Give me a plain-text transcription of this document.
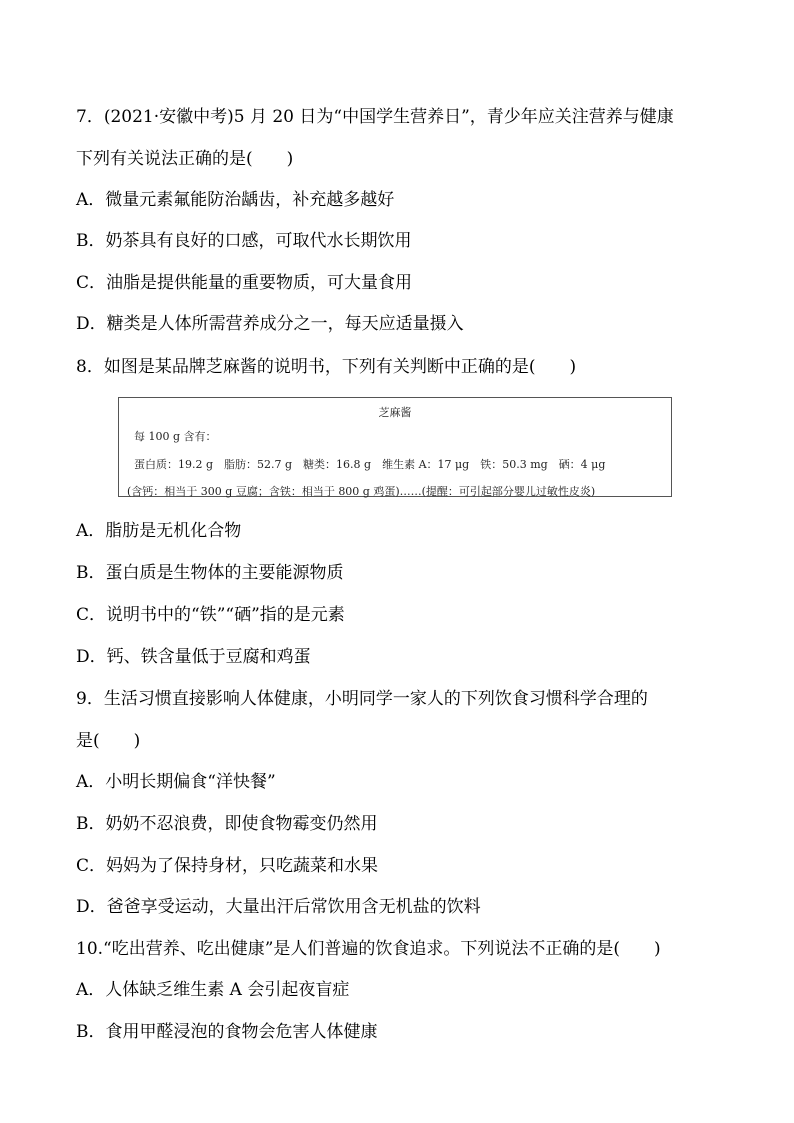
7．(2021·安徽中考)5 月 20 日为“中国学生营养日”，青少年应关注营养与健康
下列有关说法正确的是(　　)
A．微量元素氟能防治龋齿，补充越多越好
B．奶茶具有良好的口感，可取代水长期饮用
C．油脂是提供能量的重要物质，可大量食用
D．糖类是人体所需营养成分之一，每天应适量摄入
8．如图是某品牌芝麻酱的说明书，下列有关判断中正确的是(　　)
芝麻酱
每 100 g 含有：
蛋白质：19.2 g　脂肪：52.7 g　糖类：16.8 g　维生素 A：17 μg　铁：50.3 mg　硒：4 μg
(含钙：相当于 300 g 豆腐；含铁：相当于 800 g 鸡蛋)……(提醒：可引起部分婴儿过敏性皮炎)
A．脂肪是无机化合物
B．蛋白质是生物体的主要能源物质
C．说明书中的“铁”“硒”指的是元素
D．钙、铁含量低于豆腐和鸡蛋
9．生活习惯直接影响人体健康，小明同学一家人的下列饮食习惯科学合理的
是(　　)
A．小明长期偏食“洋快餐”
B．奶奶不忍浪费，即使食物霉变仍然用
C．妈妈为了保持身材，只吃蔬菜和水果
D．爸爸享受运动，大量出汗后常饮用含无机盐的饮料
10.“吃出营养、吃出健康”是人们普遍的饮食追求。下列说法不正确的是(　　)
A．人体缺乏维生素 A 会引起夜盲症
B．食用甲醛浸泡的食物会危害人体健康
